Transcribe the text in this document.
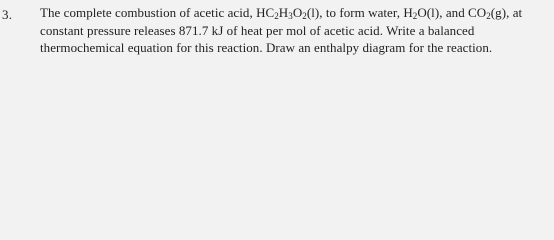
3. The complete combustion of acetic acid, $HC_2H_3O_2(l)$, to form water, $H_2O(l)$, and $CO_2(g)$, at
constant pressure releases 871.7 kJ of heat per mol of acetic acid. Write a balanced
thermochemical equation for this reaction. Draw an enthalpy diagram for the reaction.
